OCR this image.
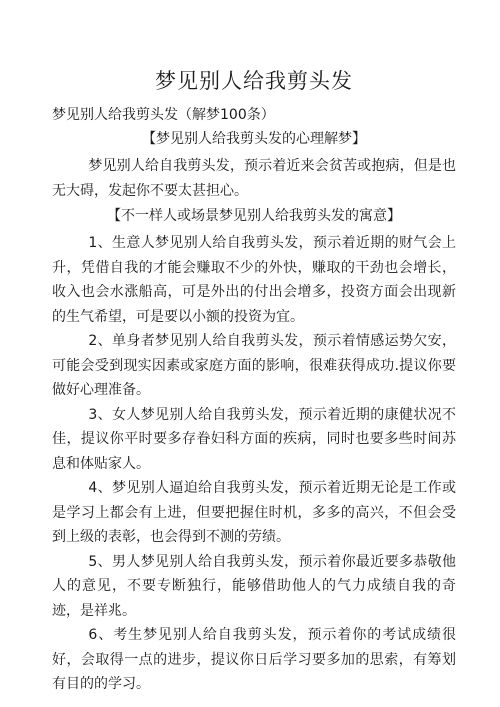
梦见别人给我剪头发
梦见别人给我剪头发（解梦100条）
【梦见别人给我剪头发的心理解梦】

梦见别人给自我剪头发，预示着近来会贫苦或抱病，但是也无大碍，发起你不要太甚担心。

【不一样人或场景梦见别人给我剪头发的寓意】

1、生意人梦见别人给自我剪头发，预示着近期的财气会上升，凭借自我的才能会赚取不少的外快，赚取的干劲也会增长，收入也会水涨船高，可是外出的付出会增多，投资方面会出现新的生气希望，可是要以小额的投资为宜。

2、单身者梦见别人给自我剪头发，预示着情感运势欠安，可能会受到现实因素或家庭方面的影响，很难获得成功.提议你要做好心理准备。

3、女人梦见别人给自我剪头发，预示着近期的康健状况不佳，提议你平时要多存眷妇科方面的疾病，同时也要多些时间苏息和体贴家人。

4、梦见别人逼迫给自我剪头发，预示着近期无论是工作或是学习上都会有上进，但要把握住时机，多多的高兴，不但会受到上级的表彰，也会得到不测的劳绩。

5、男人梦见别人给自我剪头发，预示着你最近要多恭敬他人的意见，不要专断独行，能够借助他人的气力成绩自我的奇迹，是祥兆。

6、考生梦见别人给自我剪头发，预示着你的考试成绩很好，会取得一点的进步，提议你日后学习要多加的思索，有筹划有目的的学习。
